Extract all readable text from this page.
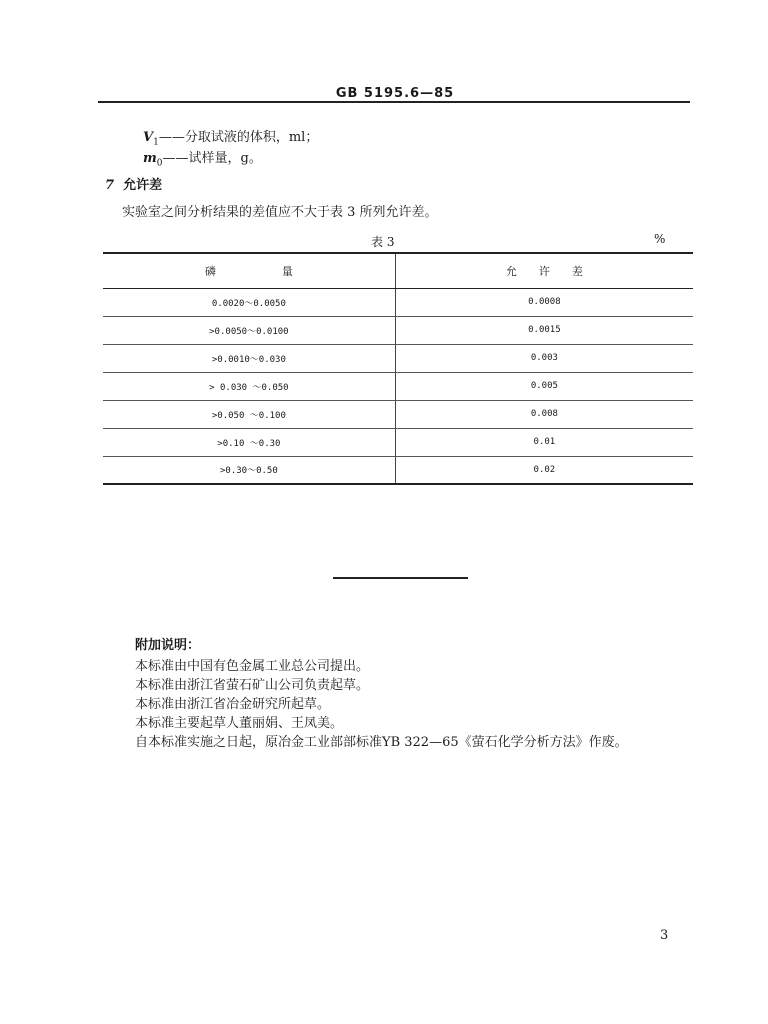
GB 5195.6—85
$V_1——$分取试液的体积，ml；
$m_0——$试样量，g。
7 允许差
实验室之间分析结果的差值应不大于表 3 所列允许差。
表 3	%
磷　　　　　　量	允　　许　　差
0.0020～0.0050	0.0008
>0.0050～0.0100	0.0015
>0.0010～0.030	0.003
> 0.030 ～0.050	0.005
>0.050 ～0.100	0.008
>0.10 ～0.30	0.01
>0.30～0.50	0.02
附加说明：
本标准由中国有色金属工业总公司提出。
本标准由浙江省萤石矿山公司负责起草。
本标准由浙江省冶金研究所起草。
本标准主要起草人董丽娟、王凤美。
自本标准实施之日起，原冶金工业部部标准YB 322—65《萤石化学分析方法》作废。
3
